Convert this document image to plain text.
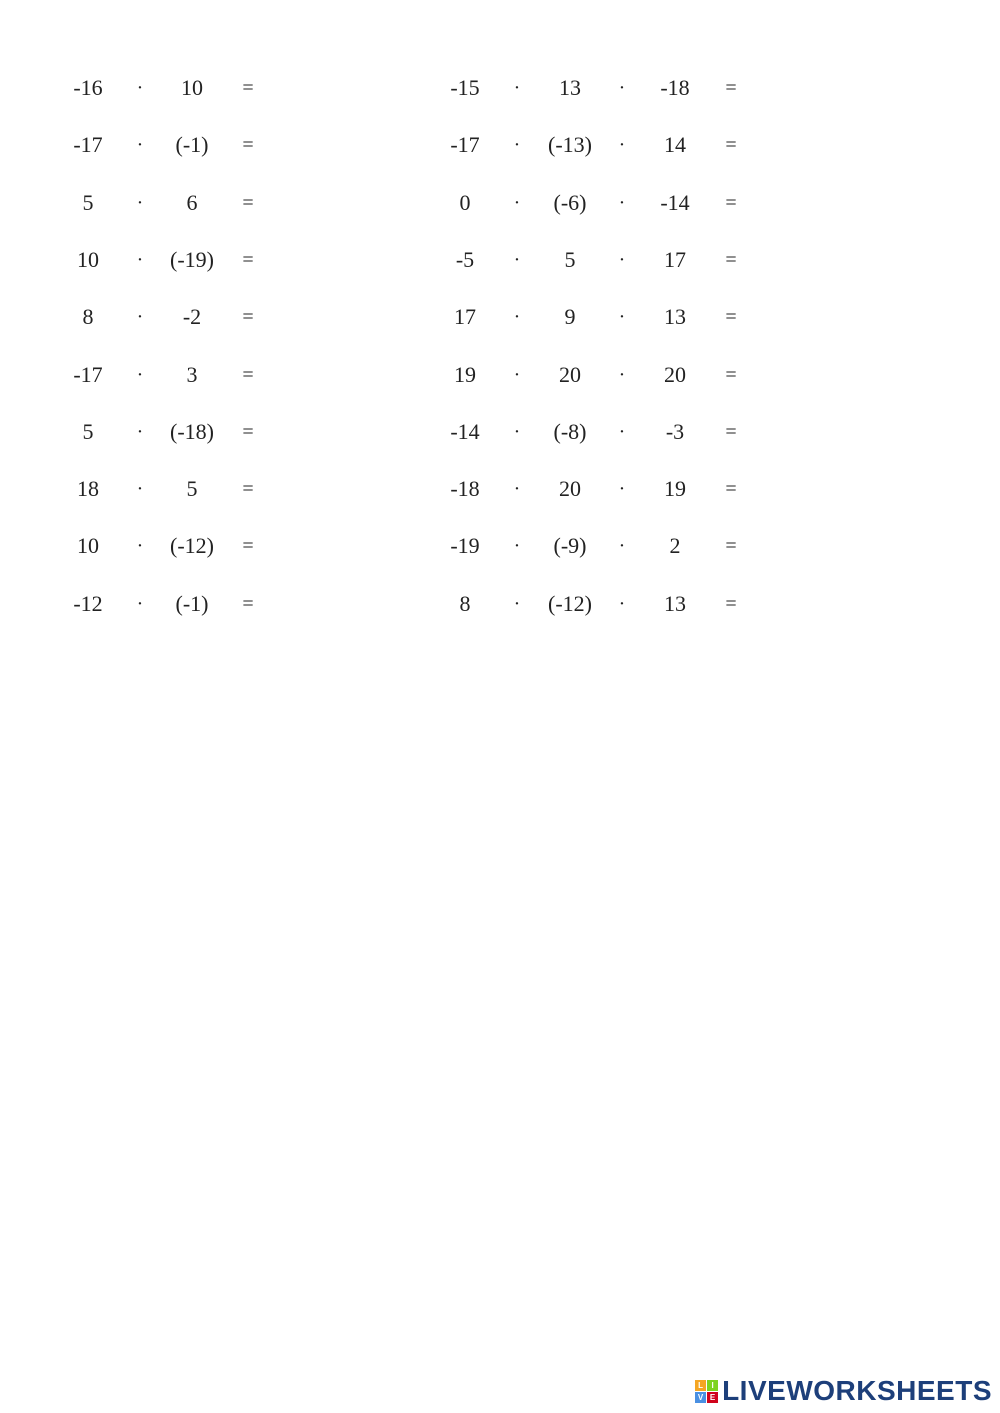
-16	·	10	=	-15	·	13	·	-18	=
-17	·	(-1)	=	-17	·	(-13)	·	14	=
5	·	6	=	0	·	(-6)	·	-14	=
10	·	(-19)	=	-5	·	5	·	17	=
8	·	-2	=	17	·	9	·	13	=
-17	·	3	=	19	·	20	·	20	=
5	·	(-18)	=	-14	·	(-8)	·	-3	=
18	·	5	=	-18	·	20	·	19	=
10	·	(-12)	=	-19	·	(-9)	·	2	=
-12	·	(-1)	=	8	·	(-12)	·	13	=
L	I
V E LIVEWORKSHEETS
